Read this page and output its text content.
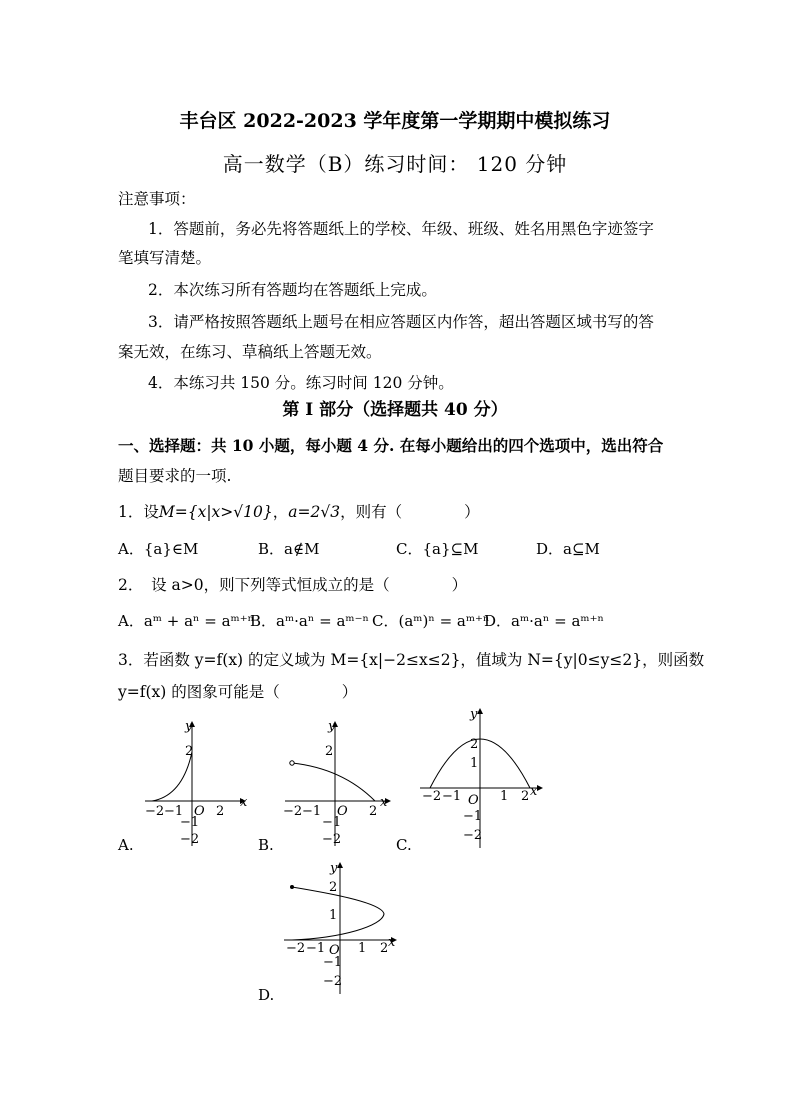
丰台区 2022-2023 学年度第一学期期中模拟练习
高一数学（B）练习时间： 120 分钟
注意事项：
1．答题前，务必先将答题纸上的学校、年级、班级、姓名用黑色字迹签字
笔填写清楚。
2．本次练习所有答题均在答题纸上完成。
3．请严格按照答题纸上题号在相应答题区内作答，超出答题区域书写的答
案无效，在练习、草稿纸上答题无效。
4．本练习共 150 分。练习时间 120 分钟。
第 I 部分（选择题共 40 分）
一、选择题：共 10 小题，每小题 4 分. 在每小题给出的四个选项中，选出符合
题目要求的一项.
1．设M={x|x>√10}，a=2√3，则有（　　　　）
A．{a}∈M	B．a∉M	C．{a}⊆M	D．a⊆M
2．　设 a>0，则下列等式恒成立的是（　　　　）
A．aᵐ + aⁿ = aᵐ⁺ⁿ
B．aᵐ·aⁿ = aᵐ⁻ⁿ C．(aᵐ)ⁿ = aᵐ⁺ⁿ
D．aᵐ·aⁿ = aᵐ⁺ⁿ
3．若函数 y=f(x) 的定义域为 M={x|−2≤x≤2}，值域为 N={y|0≤y≤2}，则函数
y=f(x) 的图象可能是（　　　　）
x
y
2
−2 −1 O 2
−1
−2
A.
x
y
2
−2 −1 O 2
−1
−2
B.
x
y
2
1
−2 −1 O 1 2
−1
−2
C.
x
y
2
1
−2 −1 O 1 2
−1
−2
D.
